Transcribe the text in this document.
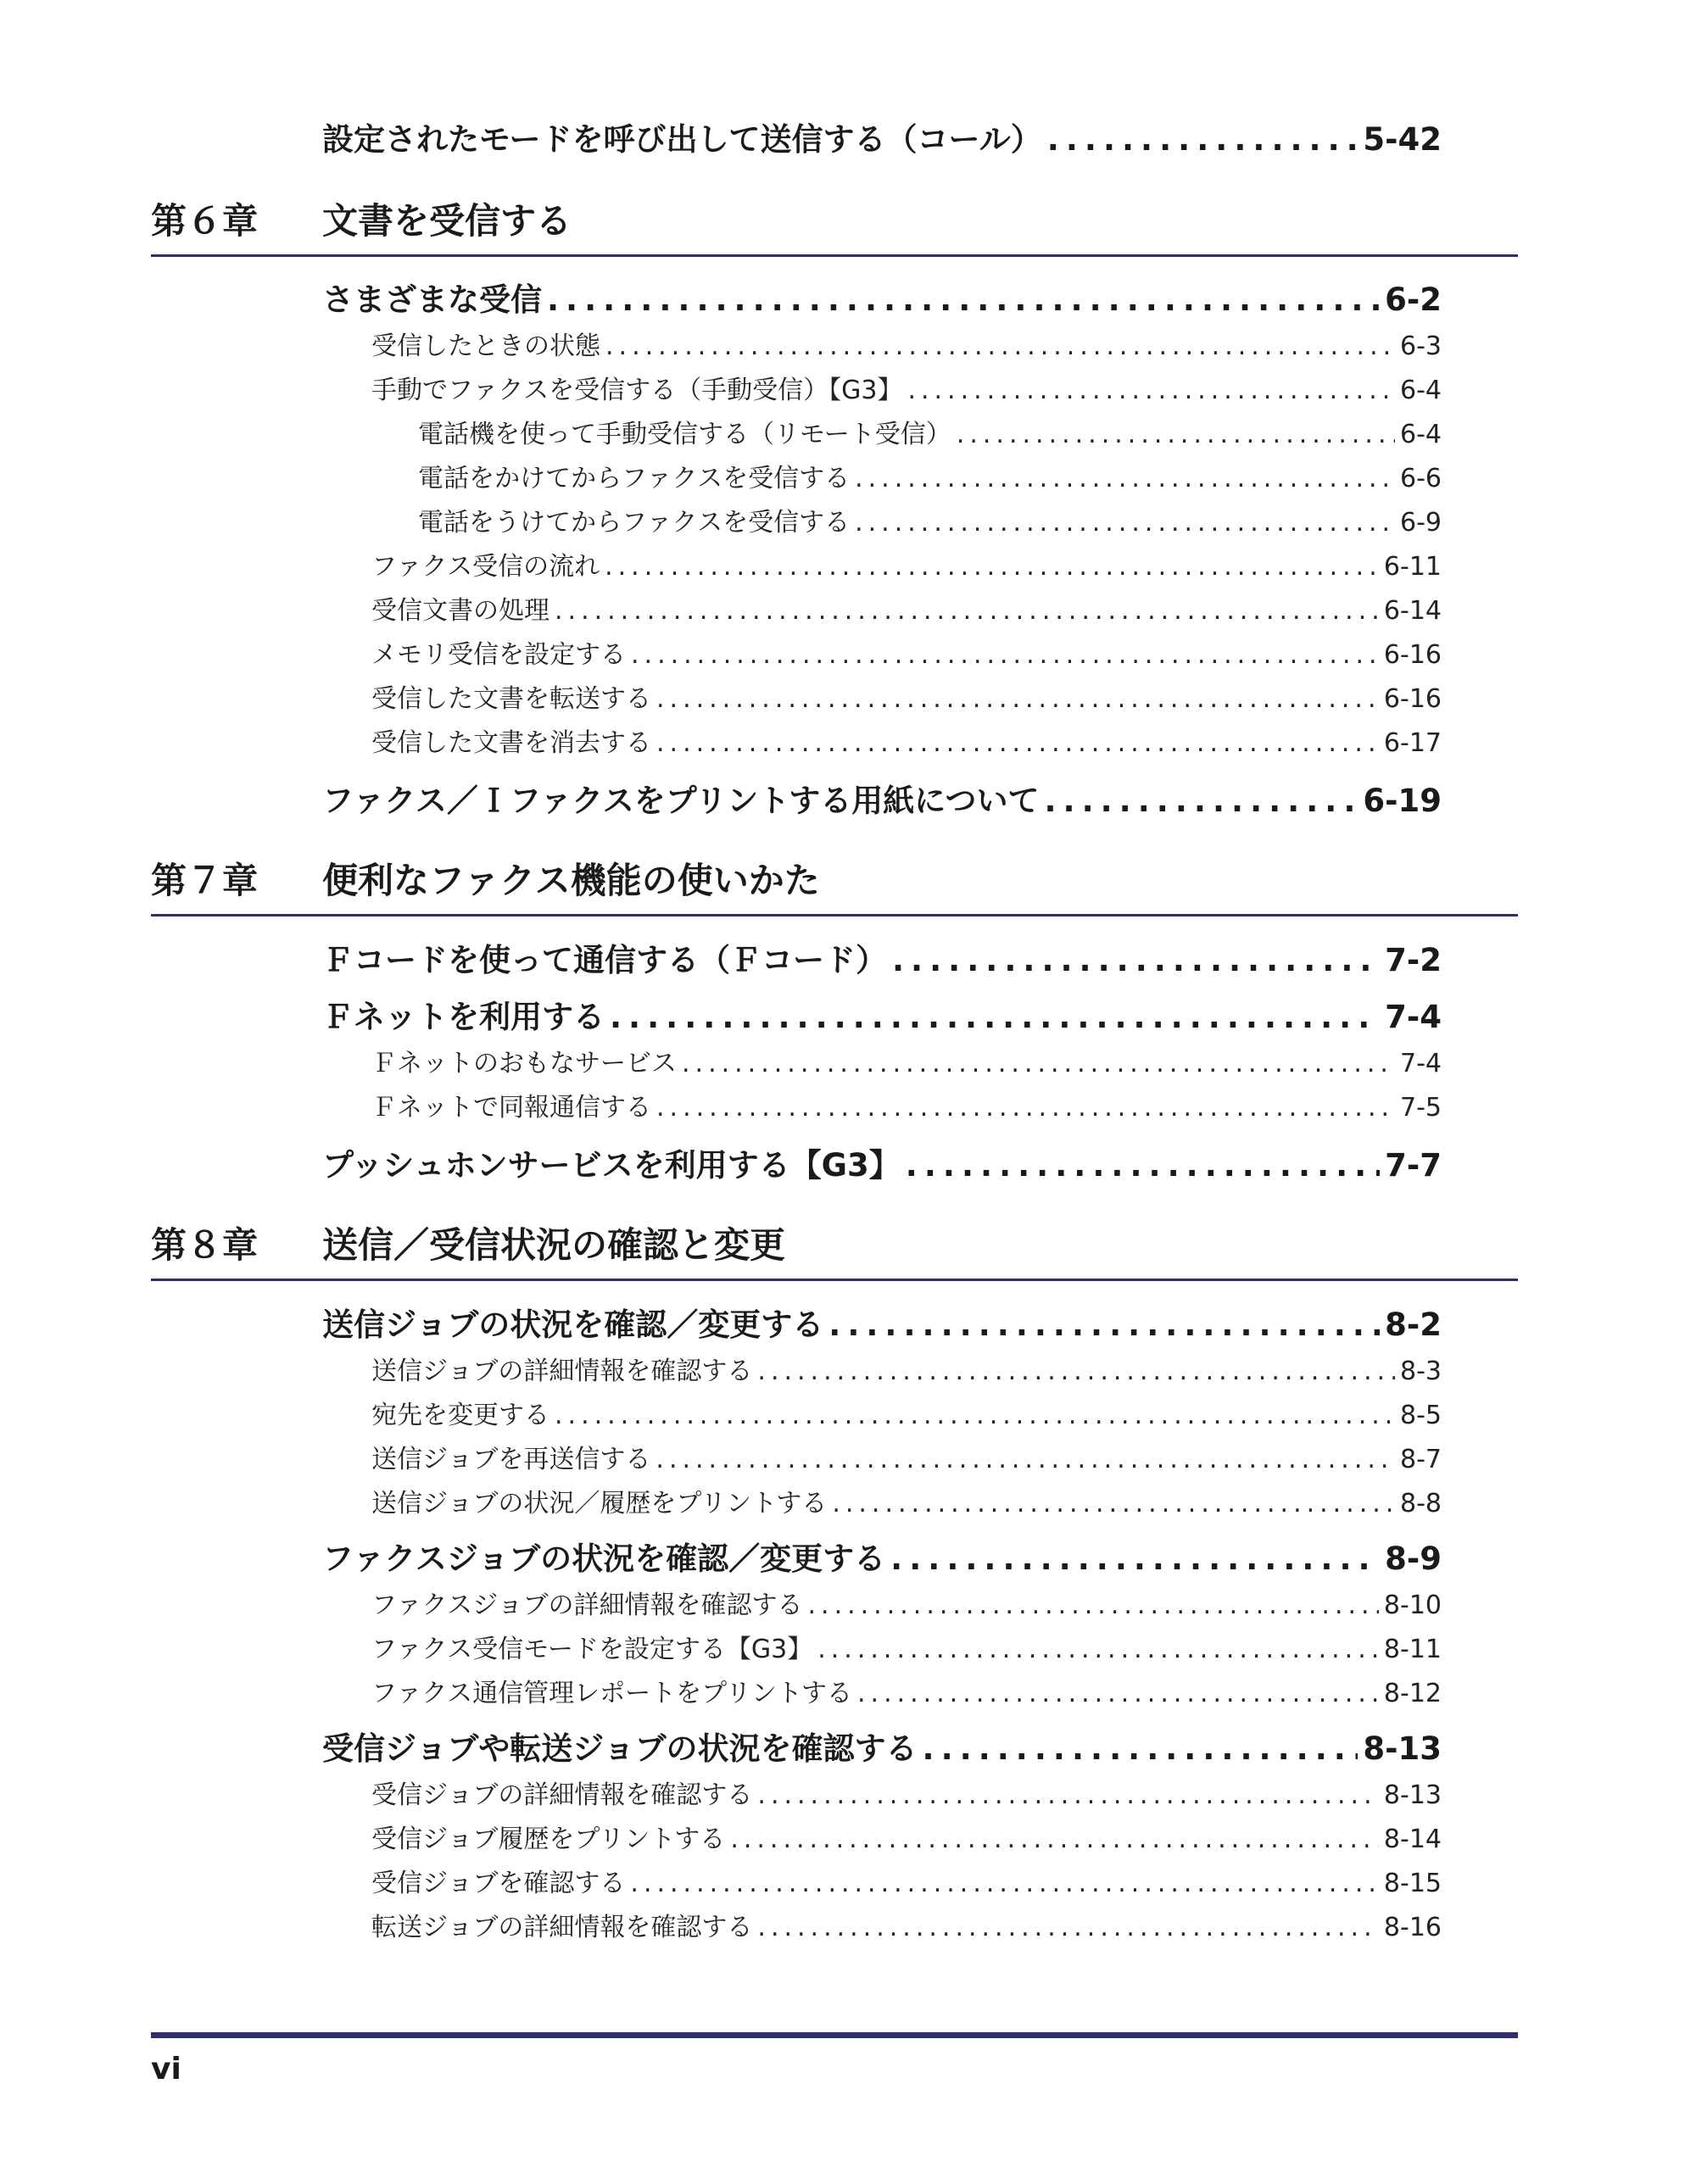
設定されたモードを呼び出して送信する（コール） .....	5-42
第６章 文書を受信する
さまざまな受信 .....	6-2
受信したときの状態 .....	6-3
手動でファクスを受信する（手動受信）【G3】 .....	6-4
電話機を使って手動受信する（リモート受信） .....	6-4
電話をかけてからファクスを受信する .....	6-6
電話をうけてからファクスを受信する .....	6-9
ファクス受信の流れ .....	6-11
受信文書の処理 .....	6-14
メモリ受信を設定する .....	6-16
受信した文書を転送する .....	6-16
受信した文書を消去する .....	6-17
ファクス／Ｉファクスをプリントする用紙について .....	6-19
第７章 便利なファクス機能の使いかた
Ｆコードを使って通信する（Ｆコード） .....	7-2
Ｆネットを利用する .....	7-4
Ｆネットのおもなサービス .....	7-4
Ｆネットで同報通信する .....	7-5
プッシュホンサービスを利用する【G3】 .....	7-7
第８章 送信／受信状況の確認と変更
送信ジョブの状況を確認／変更する .....	8-2
送信ジョブの詳細情報を確認する .....	8-3
宛先を変更する .....	8-5
送信ジョブを再送信する .....	8-7
送信ジョブの状況／履歴をプリントする .....	8-8
ファクスジョブの状況を確認／変更する .....	8-9
ファクスジョブの詳細情報を確認する .....	8-10
ファクス受信モードを設定する【G3】 .....	8-11
ファクス通信管理レポートをプリントする .....	8-12
受信ジョブや転送ジョブの状況を確認する .....	8-13
受信ジョブの詳細情報を確認する .....	8-13
受信ジョブ履歴をプリントする .....	8-14
受信ジョブを確認する .....	8-15
転送ジョブの詳細情報を確認する .....	8-16
vi
